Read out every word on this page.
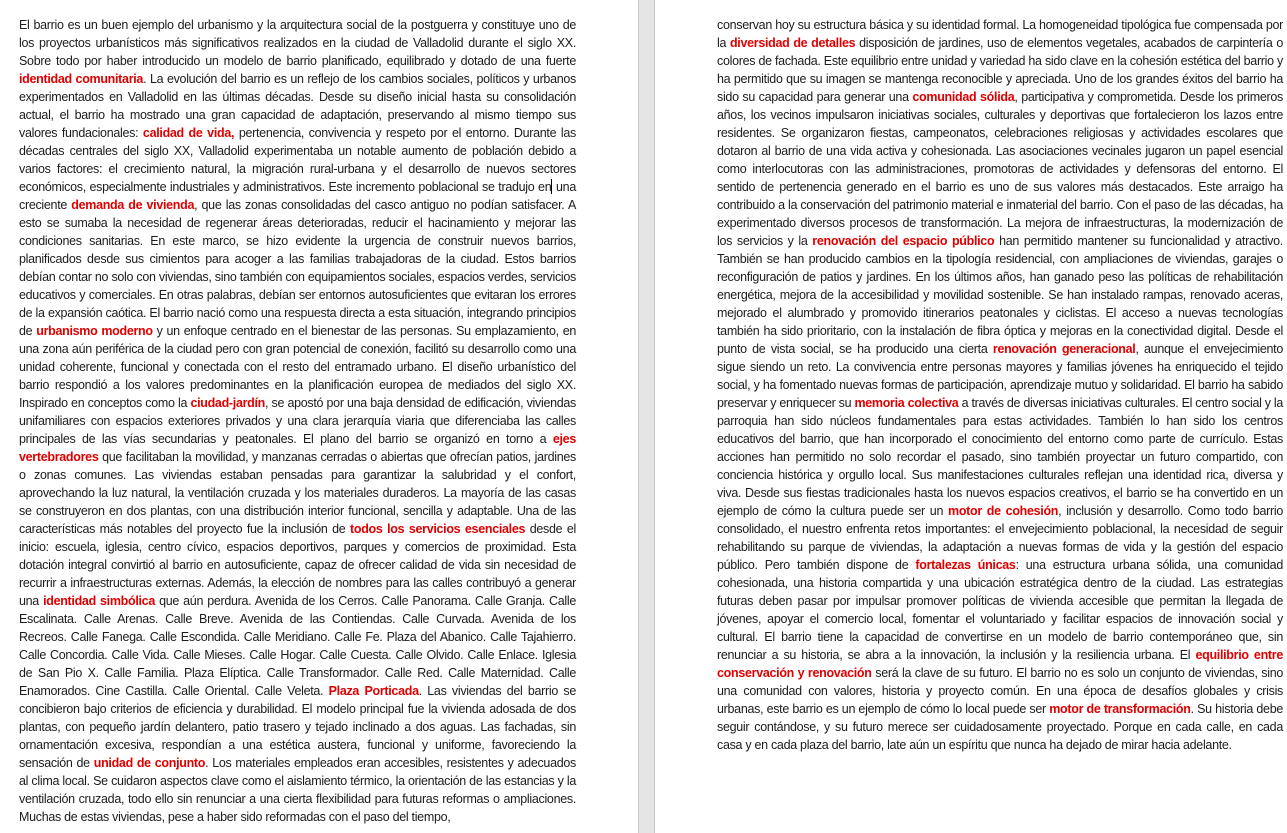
El barrio es un buen ejemplo del urbanismo y la arquitectura social de la postguerra y constituye uno de los proyectos urbanísticos más significativos realizados en la ciudad de Valladolid durante el siglo XX. Sobre todo por haber introducido un modelo de barrio planificado, equilibrado y dotado de una fuerte identidad comunitaria. La evolución del barrio es un reflejo de los cambios sociales, políticos y urbanos experimentados en Valladolid en las últimas décadas. Desde su diseño inicial hasta su consolidación actual, el barrio ha mostrado una gran capacidad de adaptación, preservando al mismo tiempo sus valores fundacionales: calidad de vida, pertenencia, convivencia y respeto por el entorno. Durante las décadas centrales del siglo XX, Valladolid experimentaba un notable aumento de población debido a varios factores: el crecimiento natural, la migración rural-urbana y el desarrollo de nuevos sectores económicos, especialmente industriales y administrativos. Este incremento poblacional se tradujo en una creciente demanda de vivienda, que las zonas consolidadas del casco antiguo no podían satisfacer. A esto se sumaba la necesidad de regenerar áreas deterioradas, reducir el hacinamiento y mejorar las condiciones sanitarias. En este marco, se hizo evidente la urgencia de construir nuevos barrios, planificados desde sus cimientos para acoger a las familias trabajadoras de la ciudad. Estos barrios debían contar no solo con viviendas, sino también con equipamientos sociales, espacios verdes, servicios educativos y comerciales. En otras palabras, debían ser entornos autosuficientes que evitaran los errores de la expansión caótica. El barrio nació como una respuesta directa a esta situación, integrando principios de urbanismo moderno y un enfoque centrado en el bienestar de las personas. Su emplazamiento, en una zona aún periférica de la ciudad pero con gran potencial de conexión, facilitó su desarrollo como una unidad coherente, funcional y conectada con el resto del entramado urbano. El diseño urbanístico del barrio respondió a los valores predominantes en la planificación europea de mediados del siglo XX. Inspirado en conceptos como la ciudad-jardín, se apostó por una baja densidad de edificación, viviendas unifamiliares con espacios exteriores privados y una clara jerarquía viaria que diferenciaba las calles principales de las vías secundarias y peatonales. El plano del barrio se organizó en torno a ejes vertebradores que facilitaban la movilidad, y manzanas cerradas o abiertas que ofrecían patios, jardines o zonas comunes. Las viviendas estaban pensadas para garantizar la salubridad y el confort, aprovechando la luz natural, la ventilación cruzada y los materiales duraderos. La mayoría de las casas se construyeron en dos plantas, con una distribución interior funcional, sencilla y adaptable. Una de las características más notables del proyecto fue la inclusión de todos los servicios esenciales desde el inicio: escuela, iglesia, centro cívico, espacios deportivos, parques y comercios de proximidad. Esta dotación integral convirtió al barrio en autosuficiente, capaz de ofrecer calidad de vida sin necesidad de recurrir a infraestructuras externas. Además, la elección de nombres para las calles contribuyó a generar una identidad simbólica que aún perdura. Avenida de los Cerros. Calle Panorama. Calle Granja. Calle Escalinata. Calle Arenas. Calle Breve. Avenida de las Contiendas. Calle Curvada. Avenida de los Recreos. Calle Fanega. Calle Escondida. Calle Meridiano. Calle Fe. Plaza del Abanico. Calle Tajahierro. Calle Concordia. Calle Vida. Calle Mieses. Calle Hogar. Calle Cuesta. Calle Olvido. Calle Enlace. Iglesia de San Pio X. Calle Familia. Plaza Elíptica. Calle Transformador. Calle Red. Calle Maternidad. Calle Enamorados. Cine Castilla. Calle Oriental. Calle Veleta. Plaza Porticada. Las viviendas del barrio se concibieron bajo criterios de eficiencia y durabilidad. El modelo principal fue la vivienda adosada de dos plantas, con pequeño jardín delantero, patio trasero y tejado inclinado a dos aguas. Las fachadas, sin ornamentación excesiva, respondían a una estética austera, funcional y uniforme, favoreciendo la sensación de unidad de conjunto. Los materiales empleados eran accesibles, resistentes y adecuados al clima local. Se cuidaron aspectos clave como el aislamiento térmico, la orientación de las estancias y la ventilación cruzada, todo ello sin renunciar a una cierta flexibilidad para futuras reformas o ampliaciones. Muchas de estas viviendas, pese a haber sido reformadas con el paso del tiempo,
conservan hoy su estructura básica y su identidad formal. La homogeneidad tipológica fue compensada por la diversidad de detalles disposición de jardines, uso de elementos vegetales, acabados de carpintería o colores de fachada. Este equilibrio entre unidad y variedad ha sido clave en la cohesión estética del barrio y ha permitido que su imagen se mantenga reconocible y apreciada. Uno de los grandes éxitos del barrio ha sido su capacidad para generar una comunidad sólida, participativa y comprometida. Desde los primeros años, los vecinos impulsaron iniciativas sociales, culturales y deportivas que fortalecieron los lazos entre residentes. Se organizaron fiestas, campeonatos, celebraciones religiosas y actividades escolares que dotaron al barrio de una vida activa y cohesionada. Las asociaciones vecinales jugaron un papel esencial como interlocutoras con las administraciones, promotoras de actividades y defensoras del entorno. El sentido de pertenencia generado en el barrio es uno de sus valores más destacados. Este arraigo ha contribuido a la conservación del patrimonio material e inmaterial del barrio. Con el paso de las décadas, ha experimentado diversos procesos de transformación. La mejora de infraestructuras, la modernización de los servicios y la renovación del espacio público han permitido mantener su funcionalidad y atractivo. También se han producido cambios en la tipología residencial, con ampliaciones de viviendas, garajes o reconfiguración de patios y jardines. En los últimos años, han ganado peso las políticas de rehabilitación energética, mejora de la accesibilidad y movilidad sostenible. Se han instalado rampas, renovado aceras, mejorado el alumbrado y promovido itinerarios peatonales y ciclistas. El acceso a nuevas tecnologías también ha sido prioritario, con la instalación de fibra óptica y mejoras en la conectividad digital. Desde el punto de vista social, se ha producido una cierta renovación generacional, aunque el envejecimiento sigue siendo un reto. La convivencia entre personas mayores y familias jóvenes ha enriquecido el tejido social, y ha fomentado nuevas formas de participación, aprendizaje mutuo y solidaridad. El barrio ha sabido preservar y enriquecer su memoria colectiva a través de diversas iniciativas culturales. El centro social y la parroquia han sido núcleos fundamentales para estas actividades. También lo han sido los centros educativos del barrio, que han incorporado el conocimiento del entorno como parte de currículo. Estas acciones han permitido no solo recordar el pasado, sino también proyectar un futuro compartido, con conciencia histórica y orgullo local. Sus manifestaciones culturales reflejan una identidad rica, diversa y viva. Desde sus fiestas tradicionales hasta los nuevos espacios creativos, el barrio se ha convertido en un ejemplo de cómo la cultura puede ser un motor de cohesión, inclusión y desarrollo. Como todo barrio consolidado, el nuestro enfrenta retos importantes: el envejecimiento poblacional, la necesidad de seguir rehabilitando su parque de viviendas, la adaptación a nuevas formas de vida y la gestión del espacio público. Pero también dispone de fortalezas únicas: una estructura urbana sólida, una comunidad cohesionada, una historia compartida y una ubicación estratégica dentro de la ciudad. Las estrategias futuras deben pasar por impulsar promover políticas de vivienda accesible que permitan la llegada de jóvenes, apoyar el comercio local, fomentar el voluntariado y facilitar espacios de innovación social y cultural. El barrio tiene la capacidad de convertirse en un modelo de barrio contemporáneo que, sin renunciar a su historia, se abra a la innovación, la inclusión y la resiliencia urbana. El equilibrio entre conservación y renovación será la clave de su futuro. El barrio no es solo un conjunto de viviendas, sino una comunidad con valores, historia y proyecto común. En una época de desafíos globales y crisis urbanas, este barrio es un ejemplo de cómo lo local puede ser motor de transformación. Su historia debe seguir contándose, y su futuro merece ser cuidadosamente proyectado. Porque en cada calle, en cada casa y en cada plaza del barrio, late aún un espíritu que nunca ha dejado de mirar hacia adelante.
